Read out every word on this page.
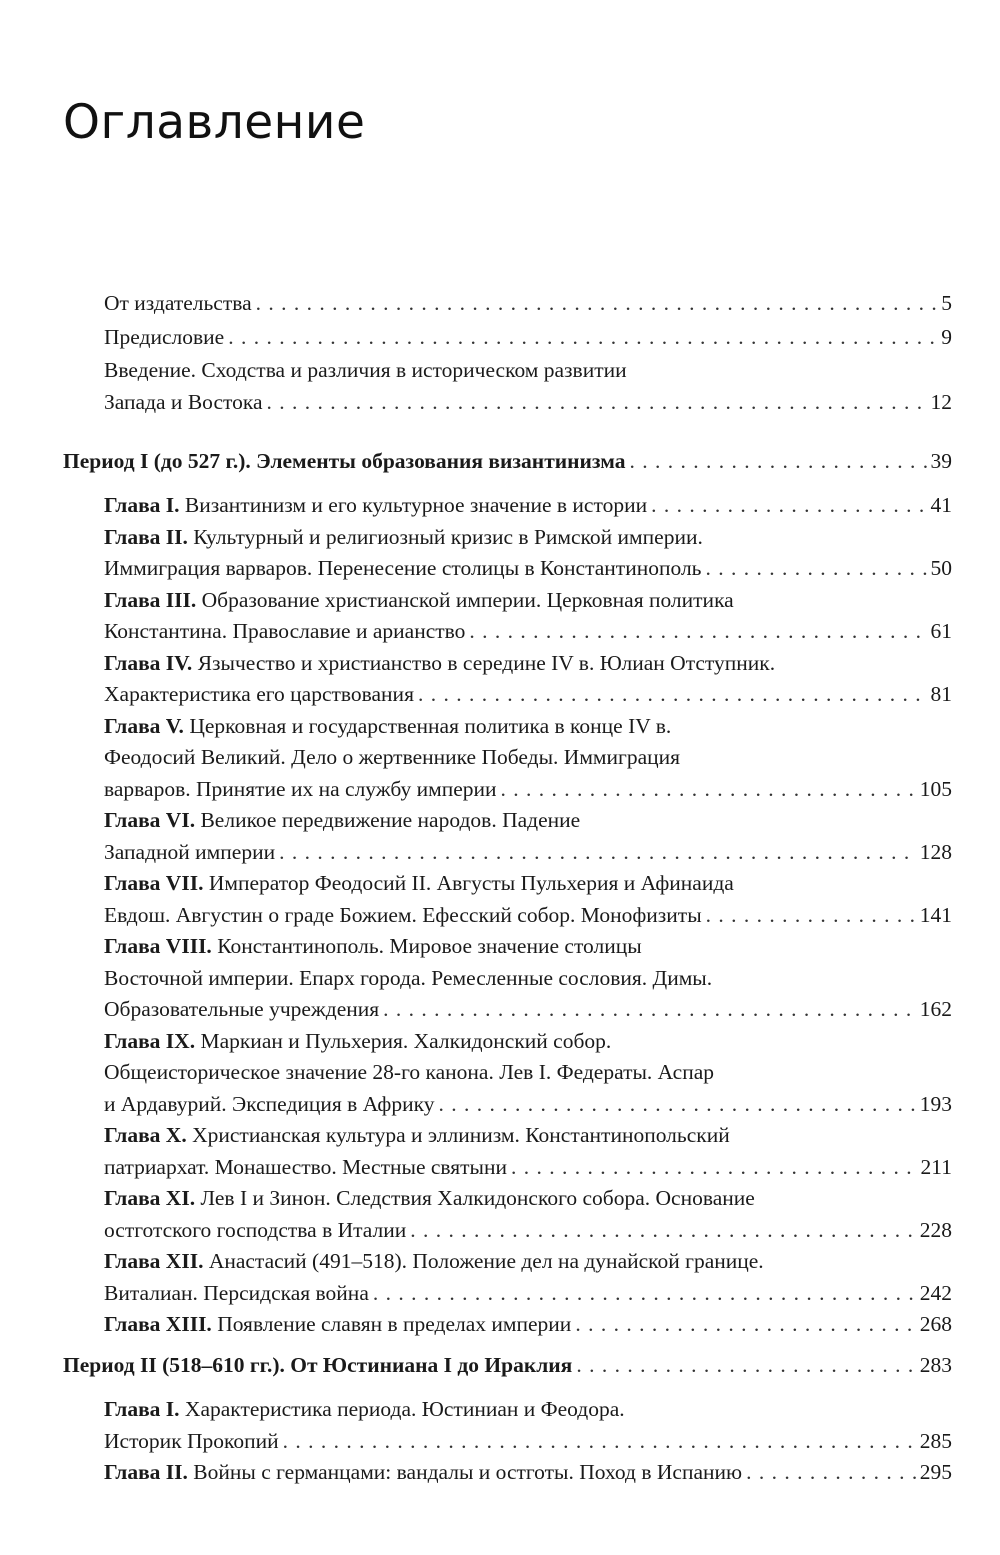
Оглавление
От издательства . . .	5
Предисловие . . .	9
Введение. Сходства и различия в историческом развитии
Запада и Востока . . .	12
Период I (до 527 г.). Элементы образования византинизма . . .	39
Глава I. Византинизм и его культурное значение в истории . . .	41
Глава II. Культурный и религиозный кризис в Римской империи.
Иммиграция варваров. Перенесение столицы в Константинополь . . .	50
Глава III. Образование христианской империи. Церковная политика
Константина. Православие и арианство . . .	61
Глава IV. Язычество и христианство в середине IV в. Юлиан Отступник.
Характеристика его царствования . . .	81
Глава V. Церковная и государственная политика в конце IV в.
Феодосий Великий. Дело о жертвеннике Победы. Иммиграция
варваров. Принятие их на службу империи . . .	105
Глава VI. Великое передвижение народов. Падение
Западной империи . . .	128
Глава VII. Император Феодосий II. Августы Пульхерия и Афинаида
Евдош. Августин о граде Божием. Ефесский собор. Монофизиты . . .	141
Глава VIII. Константинополь. Мировое значение столицы
Восточной империи. Епарх города. Ремесленные сословия. Димы.
Образовательные учреждения . . .	162
Глава IX. Маркиан и Пульхерия. Халкидонский собор.
Общеисторическое значение 28-го канона. Лев I. Федераты. Аспар
и Ардавурий. Экспедиция в Африку . . .	193
Глава X. Христианская культура и эллинизм. Константинопольский
патриархат. Монашество. Местные святыни . . .	211
Глава XI. Лев I и Зинон. Следствия Халкидонского собора. Основание
остготского господства в Италии . . .	228
Глава XII. Анастасий (491–518). Положение дел на дунайской границе.
Виталиан. Персидская война . . .	242
Глава XIII. Появление славян в пределах империи . . .	268
Период II (518–610 гг.). От Юстиниана I до Ираклия . . .	283
Глава I. Характеристика периода. Юстиниан и Феодора.
Историк Прокопий . . .	285
Глава II. Войны с германцами: вандалы и остготы. Поход в Испанию . . .	295
